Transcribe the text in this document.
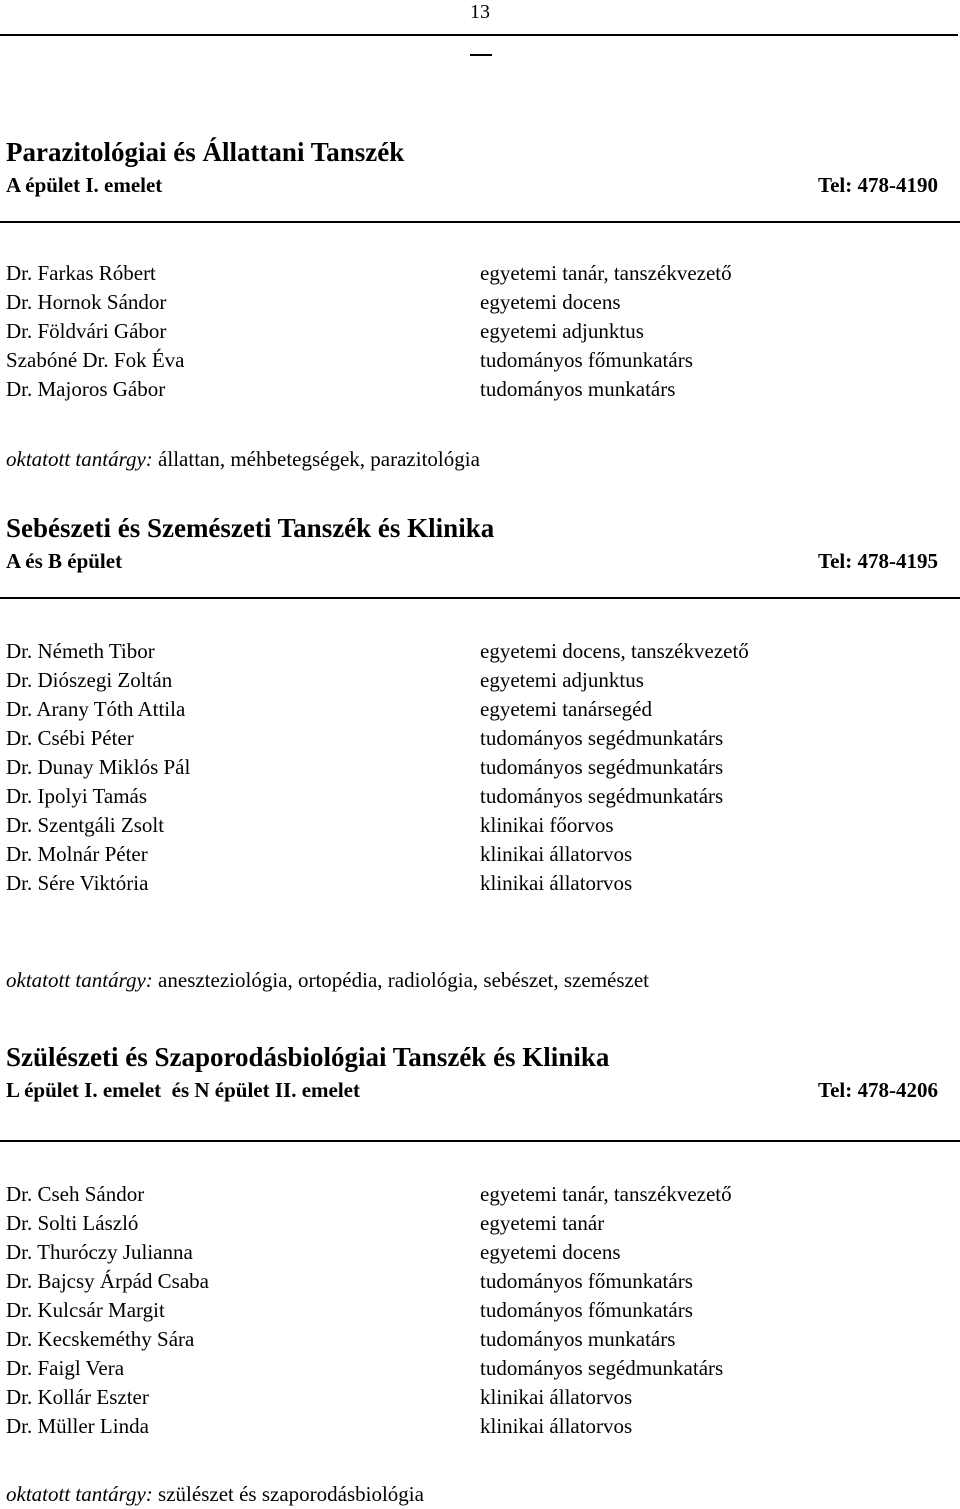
13
Parazitológiai és Állattani Tanszék
A épület I. emelet	Tel: 478-4190
Dr. Farkas Róbert	egyetemi tanár, tanszékvezető
Dr. Hornok Sándor	egyetemi docens
Dr. Földvári Gábor	egyetemi adjunktus
Szabóné Dr. Fok Éva	tudományos főmunkatárs
Dr. Majoros Gábor	tudományos munkatárs
oktatott tantárgy: állattan, méhbetegségek, parazitológia
Sebészeti és Szemészeti Tanszék és Klinika
A és B épület	Tel: 478-4195
Dr. Németh Tibor	egyetemi docens, tanszékvezető
Dr. Diószegi Zoltán	egyetemi adjunktus
Dr. Arany Tóth Attila	egyetemi tanársegéd
Dr. Csébi Péter	tudományos segédmunkatárs
Dr. Dunay Miklós Pál	tudományos segédmunkatárs
Dr. Ipolyi Tamás	tudományos segédmunkatárs
Dr. Szentgáli Zsolt	klinikai főorvos
Dr. Molnár Péter	klinikai állatorvos
Dr. Sére Viktória	klinikai állatorvos
oktatott tantárgy: aneszteziológia, ortopédia, radiológia, sebészet, szemészet
Szülészeti és Szaporodásbiológiai Tanszék és Klinika
L épület I. emelet  és N épület II. emelet	Tel: 478-4206
Dr. Cseh Sándor	egyetemi tanár, tanszékvezető
Dr. Solti László	egyetemi tanár
Dr. Thuróczy Julianna	egyetemi docens
Dr. Bajcsy Árpád Csaba	tudományos főmunkatárs
Dr. Kulcsár Margit	tudományos főmunkatárs
Dr. Kecskeméthy Sára	tudományos munkatárs
Dr. Faigl Vera	tudományos segédmunkatárs
Dr. Kollár Eszter	klinikai állatorvos
Dr. Müller Linda	klinikai állatorvos
oktatott tantárgy: szülészet és szaporodásbiológia
